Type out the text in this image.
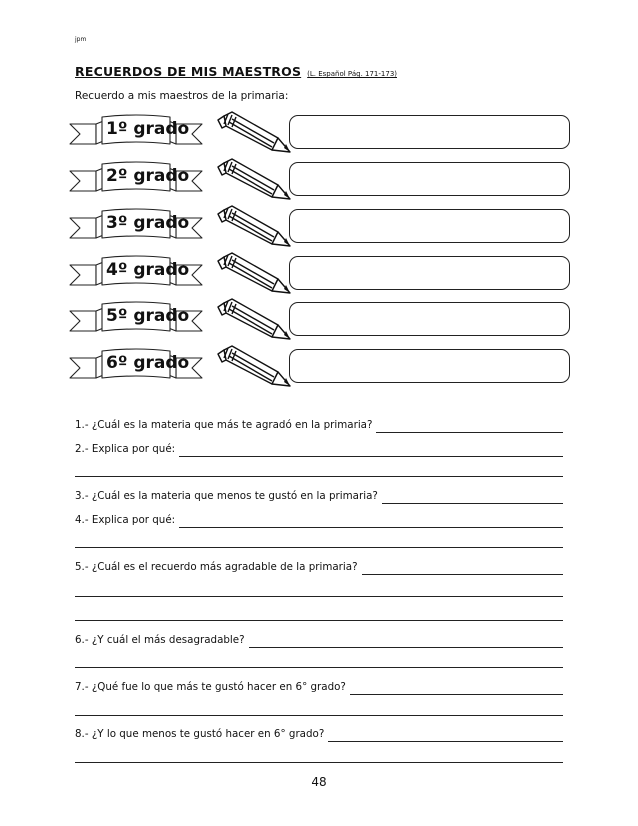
jpm
RECUERDOS DE MIS MAESTROS (L. Español Pág. 171-173)
Recuerdo a mis maestros de la primaria:
1º grado
2º grado
3º grado
4º grado
5º grado
6º grado
1.- ¿Cuál es la materia que más te agradó en la primaria?
2.- Explica por qué:
3.- ¿Cuál es la materia que menos te gustó en la primaria?
4.- Explica por qué:
5.- ¿Cuál es el recuerdo más agradable de la primaria?
6.- ¿Y cuál el más desagradable?
7.- ¿Qué fue lo que más te gustó hacer en 6° grado?
8.- ¿Y lo que menos te gustó hacer en 6° grado?
48
